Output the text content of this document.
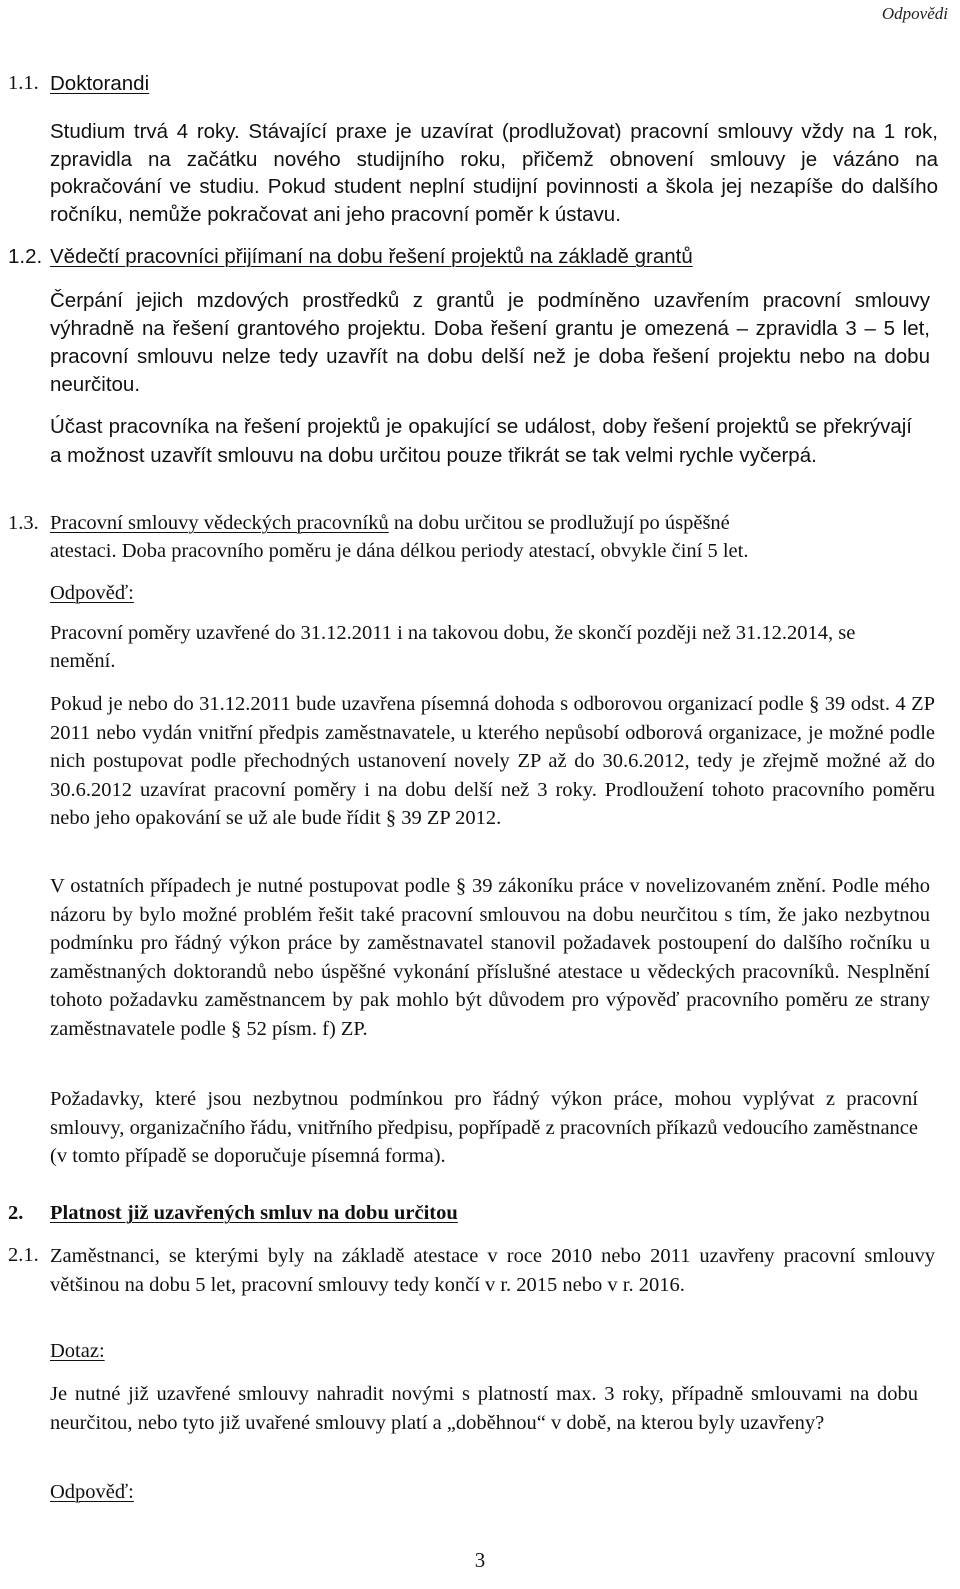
Odpovědi
1.1. Doktorandi
Studium trvá 4 roky. Stávající praxe je uzavírat (prodlužovat) pracovní smlouvy vždy na 1 rok, zpravidla na začátku nového studijního roku, přičemž obnovení smlouvy je vázáno na pokračování ve studiu. Pokud student neplní studijní povinnosti a škola jej nezapíše do dalšího ročníku, nemůže pokračovat ani jeho pracovní poměr k ústavu.
1.2. Vědečtí pracovníci přijímaní na dobu řešení projektů na základě grantů
Čerpání jejich mzdových prostředků z grantů je podmíněno uzavřením pracovní smlouvy výhradně na řešení grantového projektu. Doba řešení grantu je omezená – zpravidla 3 – 5 let, pracovní smlouvu nelze tedy uzavřít na dobu delší než je doba řešení projektu nebo na dobu neurčitou.
Účast pracovníka na řešení projektů je opakující se událost, doby řešení projektů se překrývají a možnost uzavřít smlouvu na dobu určitou pouze třikrát se tak velmi rychle vyčerpá.
1.3. Pracovní smlouvy vědeckých pracovníků na dobu určitou se prodlužují po úspěšné
atestaci. Doba pracovního poměru je dána délkou periody atestací, obvykle činí 5 let.
Odpověď:
Pracovní poměry uzavřené do 31.12.2011 i na takovou dobu, že skončí později než 31.12.2014, se nemění.
Pokud je nebo do 31.12.2011 bude uzavřena písemná dohoda s odborovou organizací podle § 39 odst. 4 ZP 2011 nebo vydán vnitřní předpis zaměstnavatele, u kterého nepůsobí odborová organizace, je možné podle nich postupovat podle přechodných ustanovení novely ZP až do 30.6.2012, tedy je zřejmě možné až do 30.6.2012 uzavírat pracovní poměry i na dobu delší než 3 roky. Prodloužení tohoto pracovního poměru nebo jeho opakování se už ale bude řídit § 39 ZP 2012.
V ostatních případech je nutné postupovat podle § 39 zákoníku práce v novelizovaném znění. Podle mého názoru by bylo možné problém řešit také pracovní smlouvou na dobu neurčitou s tím, že jako nezbytnou podmínku pro řádný výkon práce by zaměstnavatel stanovil požadavek postoupení do dalšího ročníku u zaměstnaných doktorandů nebo úspěšné vykonání příslušné atestace u vědeckých pracovníků. Nesplnění tohoto požadavku zaměstnancem by pak mohlo být důvodem pro výpověď pracovního poměru ze strany zaměstnavatele podle § 52 písm. f) ZP.
Požadavky, které jsou nezbytnou podmínkou pro řádný výkon práce, mohou vyplývat z pracovní smlouvy, organizačního řádu, vnitřního předpisu, popřípadě z pracovních příkazů vedoucího zaměstnance (v tomto případě se doporučuje písemná forma).
2. Platnost již uzavřených smluv na dobu určitou
2.1. Zaměstnanci, se kterými byly na základě atestace v roce 2010 nebo 2011 uzavřeny pracovní smlouvy většinou na dobu 5 let, pracovní smlouvy tedy končí v r. 2015 nebo v r. 2016.
Dotaz:
Je nutné již uzavřené smlouvy nahradit novými s platností max. 3 roky, případně smlouvami na dobu neurčitou, nebo tyto již uvařené smlouvy platí a „doběhnou“ v době, na kterou byly uzavřeny?
Odpověď:
3
